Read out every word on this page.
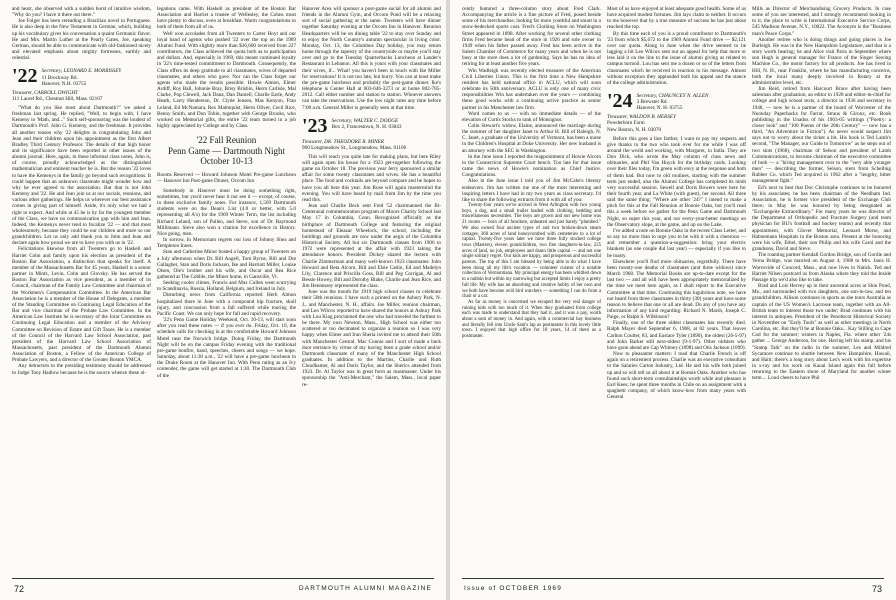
and heart, she observed with a sudden burst of intuitive wisdom, "Why do you? I have it there out there."

Joe Folger has been rereading a Brazilian novel in Portuguese. He is also deep in the New Testament in German, which, building up his vocabulary gives his conversation a quaint Germanic flavor. He and Mrs. Martin Luther at the Pearly Gates, Joe, speaking German, should be able to communicate with old-fashioned nicety and elevated emphasis about mighty fortresses, earthly and celestial.

'22 Secretary, LEONARD E. MORRISSEY
11 Brockway Rd.
Hanover, N.H. 03755
Treasurer, CARROLL DWIGHT
111 Laurel Rd., Chestnut Hill, Mass. 02167

"What do you like most about Dartmouth?" we asked a freshman last spring. He replied, "Well, to begin with, I have Kemeny to 'Math, and..." Such self-sponsoring was the loudest of Dartmouth's Prof. John G. Kemeny, and the freshman. It provides all another reason why '22 delights in congratulating John and Jean and their children upon his appointment as the first Albert Bradley Third Century Professor. The details of that high honor and its significance have been reported in other issues of the alumni journal. Here, again, in these informal class notes, John is, of course, proudly acknowledged as the distinguished mathematician and eminent teacher he is. But the reason '22 loves to have the Kemenys in the family go beyond such recognitions. It could happen that an unknown classmate might wonder how and why he ever agreed to the association. But that is not John Kemeny and '22. He and Jean join us at our socials, reunions, and various other gatherings. He helps us wherever our best assistance comes in giving part of himself. Aside, it's only what we had a right to expect. And while at 45 he is by far the youngest member of the Class, we have no communication gap with him and Jean. Indeed, the Kemenys never tend to focalize '22 — and that most wholesomely, because they could be our children and more so our grandchildren. Let us only add thank you to John and Jean and declare again how proud we are to have you with us in '22.

Felicitations likewise from all Twenters go to Haskell and Harriet Cohn and family upon his election as president of the Boston Bar Association, a distinction that speaks for itself. A member of the Massachusetts Bar for 45 years, Haskell is a senior partner in Mintz, Levin, Cohn and Glovsky. He has served the Boston Bar Association as vice president, as a member of its Council, chairman of the Family Law Committee and chairman of the Workmen's Compensation Committee. In the American Bar Association he is a member of the House of Delegates, a member of the Standing Committee on Continuing Legal Education of the Bar and vice chairman of the Probate Law Committee. In the American Law Institute he is secretary of the Joint Committee on Continuing Legal Education and a member of the Advisory Committee on Revision of Estate and Gift Taxes. He is a member of the Council of the Harvard Law School Association, past president of the Harvard Law School Association of Massachusetts, past president of the Dartmouth Alumni Association of Boston, a Fellow of the American College of Probate Lawyers, and a director of the Greater Boston YMCA.

Any detractors to the presiding testimony should be addressed to Judge Tony Hadlow because he is the source whence these al-

legations came. With Haskell as president of the Boston Bar Association and Harriet a trustee of Wellesley, the Cohns must have plenty to discuss, even at breakfast. Warm congratulations to both of them from all of us.

Well won accolades from all Twenters to Carter Hoyt and our loyal band of agents who pushed '22 over the top on the 1969 Alumni Fund. With slightly more than $36,600 received from 227 contributors, the Class achieved the quota both as to participation and dollars. And, especially in 1969, this meant continued loyalty in '22's time-tested commitment to Dartmouth. Consequently, the Class offers its deep gratitude to all classmates, wives of departed classmates, and others who gave. Nor can the Class forget our agents who made the results possible: Howie Almon, Elmer Ardiff, Roy Ball, Johnnie Bray, Brisy Brisbin, Herm Carlisle, Mal Clarke, Pop Clewell, Jack Dana, Dan Daniell, Charlie Earle, Andy Heath, Larry Henderson, Dr. Clyde Jensen, Mas Kenyon, Fran Leland, Ed McNamara, Rex Malmquist, Herm Oliver, Cecil Rice, Benny Smith, and Don Tobin, together with George Brooks, who worked on Memorial gifts, the entire '22 team turned in a job highly appreciated by College and by Class.

'22 Fall Reunion
Penn Game — Dartmouth Night
October 10-13
Rooms Reserved — Howard Johnson Motel Pre-game Luncheon — Hanover Inn Post-game Dinner, Occom Inn

Somebody in Hanover must be doing something right, sometimes, but you'd never hear it nor see it — except, of course, in these exclusive family notes. For instance, 1,569 Dartmouth students were on the Dean's List (4.0 or better, with 5.0 representing all A's) for the 1969 Winter Term, the list including Richard Leland, son of Pullen, and Steve, son of Dr. Raymond Millimann. Steve also won a citation for excellence in History. Nice going, men.

In sorrow, In Memoriam regrets our loss of Johnny Shea and Templeton Innes.

Stan and Catherine Minor hosted a happy group of Twenters on a July afternoon when Dr. Bill Angell, Tom Byrne, Bill and Dot Gallagher, Stan and Doris Jackson, Ike and Harriott Miller, Louise Olsen, Ole's brother and his wife, and Oscar and Bea Rice gathered at The Cobble, the Miner home, in Gansville, Vt.

Seeking cooler climes, Francis and Max Cullen went scurrying to Scandinavia, Russia, Holland, Belgium, and Ireland in July.

Disturbing news from California reported Herb Almon hospitalized there in June with a compound hip fracture, skull injury, and concussion from a fall suffered while touring the Pacific Coast. We can only hope for full and rapid recovery.

'22's Penn Game Holiday Weekend, Oct. 10-13, will start soon after you read these notes — if you ever do. Friday, Oct. 10, the schedule calls for checking in at the comfortable Howard Johnson Motel near the Norwich bridge. Doing Friday, the Dartmouth Night will be on the campus Friday evening with the traditional pre-game bonfire, band, speeches, cheers and songs — we hope. Saturday, about 11:30 a.m., '22 will have a pre-game luncheon in the Drake Room at the Hanover Inn. With Penn rating as an Ivy contender, the game will get started at 1:30. The Dartmouth Club of the

Hanover Area will sponsor a post-game social for all alumni and friends in the Alumni Gym, and Occom Pond will be a relaxing sort of social gathering at the same. Twenters will have dinner together Saturday evening at the Occom Inn in Hanover. Reunion Headquarters will be on dining table '22 to stay over Sunday and to enjoy the North Country's autumn spectacular in living color. Monday, Oct. 13, the Columbus Day holiday, you may return home through the tapestry of the countryside or maybe you'll stay over and go to the Tuesday Quarterbacks Luncheon at Lander's Restaurant in Lebanon. All this is yours with your classmates and their wives, if... What! you haven't been in touch with Ike Miller for reservations! It is not too late, but hurry. You can at least make the pre-game luncheon and probably the post-game dinner. Ike's telephone is Center Hall at 603-646-3273 or at home 802-785-2012. Call either number and station to station. Whoever answers can take the reservations. Use the low night rates any time before 7:00 a.m. General Miller is generally seen at that time.

'23 Secretary, WALTER C. DODGE
Box 2, Francestown, N. H. 03043
Treasurer, DR. THEODORE R. MINER
960 Longmeadow St., Longmeadow, Mass. 01106

This will reach you quite late for making plans, but here Riley will again open his house for a 1923 get-together following the game on October 18. The previous year Jerry sponsored a similar affair for some twenty classmates and wives. He has a beautiful place. The food and cocktails are beyond compare and he hopes to have you all here this year. Jim Rose will again mastermind the evening. You will have heard by mail from Jim by the time you read this.

Jean and Charlie Beck sent Fred '52 chairmanned the Bi-Centennial commemoration program of Moors Charity School last May 17 in Columbia, Conn. Recognized officially as the birthplace of Dartmouth College and featuring the original homestead of Eleazar Wheelock, the school, including the buildings and grounds are now under the aegis of the Columbia Historical Society. All but six Dartmouth classes from 1906 to 1972 were represented at the affair with 1923 taking the attendance honors. President Dickey shared the lectern with Charlie Zimmerman and many well-known 1923 classmates: John Howard and Beta Alcorn, Bill and Elsie Catlin, Ed and Madelyn Lily, Clarence and Priscilla Goss, Bill and Peg Corrigan, Al and Bessie Howey, Bill and Dorothy Blake, Charlie and Jean Rice, and Jim Hennessey represented the class.

June was the month for 1919 high school classes to celebrate their 50th reunions. I have such a printed on the Asbury Park, N. J., and Manchester, N. H., affairs. Joe Miller, reunion chairman, and Leo Wilcox reported to have shared the honors at Asbury Park with Lou King proclaimed the one who had traveled the farthest to be there. My own Newton, Mass., High School was either too scattered or too decimated to organize a reunion so I was very happy when Elmer and Iran Sheria invited me to attend their 50th with Manchester Central. Mac Connie and I sort of made a back door entrance by virtue of my having been a grade school and/or Dartmouth classmate of many of the Manchester High School graduates. In addition to the Martins, Charlie and Ruth Cloudhamer, Al and Doris Taylor, and the Sherics attended from 1923. Dr. Al Taylor was in great form as toastmaster. Under his sponsorship the "Anti-Merchant," the Salem, Mass., local paper re-

72	DARTMOUTH ALUMNI MAGAZINE

cently featured a three-column story about Fred Clark. Accompanying the article is a fine picture of Fred, posed beside some of his merchandise, looking far more youthful and smart in a snow-bedecked sports coat. Fred's Clothing Store on Washington Street appeared in 1898. After working for several other clothing firms Fred became head of the store in 1926 and sole owner in 1949 when his father passed away. Fred has been active in the Salem Chamber of Commerce for many years and when he is not busy at the store does a lot of gardening. Says he has no idea of retiring for at least another five years.

Win Wadleigh was recently elected treasurer of the American Civil Liberties Union. This is the first time a New Hampshire resident has held national office in ACLU, which will soon celebrate its 50th anniversary. ACLU is only one of many civic responsibilities Win has undertaken over the years — combining these good works with a continuing active practice as senior partner in his Manchester law firm.

Word comes to us — with no immediate details — of the elevation of Curtis Stocks to rank of Monsignor.

Colin Stewart's widow, Elaine, announced the marriage during the summer of her daughter Janet to Arthur H. Bill of Raleigh, N. C. Janet, a graduate of the University of Vermont, has been a nurse in the Children's Hospital at Duke University. Her new husband is an attorney with the SEC in Washington.

In the June issue I reported the reappointment of Howie Alcorn to the Connecticut Supreme Court bench. Too late for that issue came the news of Howie's nomination as Chief Justice. Congratulations.

Also in the June issue I told you of Jim McCabe's literary endeavors. Jim has written me one of the most interesting and inspiring letters I have had in my two years as class secretary. I'd like to share the following extracts from it with all of you:

Twenty-four years we've arrived in West Arlington with two young boys, a dog, and a small trailer loaded with clothing, bedding and miscellaneous necessities. The boys are grown and our new home was 21 rooms — born of all furniture, unheated and just barely "plumbed." We also owned four ancient types of and two broken-down steam cottages, 360 acres of land honeycombed with cemeteries to a lot of capital. Twenty-five years later we have three fully stocked college rows (Masters), eleven grandchildren, two fine daughters-in-law, 225 acres of land, no job, employees and damn little capital — and not one single solitary regret. Our kids are happy, and prosperous and successful parents. The top of this I am blessed by being able to do what I have been doing all my life's vocation — volunteer curator of a notable collection of Vermontiana. My principal energy has been whittled down to a nubbin but within my narrowing but accepted limits I enjoy a pretty full life. My wife has an absorbing and creative hobby of her own and we both have become avid bird watchers — something I can do from a chair or a car.

As far as money is concerned we escaped the very real danger of ruining kids with too much of it. When they graduated from college each was made to understand that they had it, and it was a pay, worth about a sum of money in. And again, with a commercial bay business and literally fell into Uncle Sam's lap as postmaster in this lovely little town. I enjoyed that high office for 18 years, 14 of them as a postmaster.

Most of us have enjoyed at least adequate good health. Some of us have acquired modest fortunes. Jim lays claim to neither. It occurs to me however that by a true measure of success he has just about reached the top.

By this time each of you is a proud contributor to Dartmouth's '23 from which $5,672 to the 1969 Alumni Fund drive — $2,121 over our quota. Along in June when the drive seemed to be lagging a bit Leo Wilcox sent out an appeal for help that more or less laid it on the line to the issue of alumni giving as related to campus turmoil. Lou has sent me a dozen or so of the letters from classmates which he received in reaction to his message. Almost without exception they applauded both his appeal and the stance of the college administration.

'24 Secretary, CHAUNCEY N. ALLEN
3 Brewster Rd.
Hanover, N. H. 03755
Treasurer, WALDON B. HERSEY
Powderhorn Farm
New Boston, N. H. 03070

Before this goes a line farther, I want to pay my respects and give thanks to the two who took over for me while I was off around the world and working, with Margaret, in India. They are Don Dick, who wrote the May column of class news and obituaries, and Phil Van Huyck for the birthday cards. Looking over their files today, I'm green with envy at the response and both of them had. But now to old routines, starting with the summer term just ended, also the Alumni College has completed its ninth very successful session. Sewell and Doris Bowers were here for their fourth year, and La White (with guest), her second. All three said the same thing: "Where are other '24?" I intend to make a pitch for this at the Fall Reunion at Bonnie Oaks, but you'll read this a week before we gather for the Penn Game and Dartmouth Night, so super this year, and our every-year-better meetings on the Observatory slope, at the game, and up on the Lake.

I've added a note on Bonnie Oaks in the recent Class Letter, and so say no more than to urge you to be with it with a cheeroon — and remember a question-a-suggestion: bring your electric blankets (as one couple did last year) — especially if you like to be toasty.

Elsewhere you'll find more obituaries, regretfully. There have been twenty-one deaths of classmates (and three widows) since March 1968. The Memorial Books are up-to-date except for the last two — and all will have been appropriately memorialized by the time we meet here again, as I shall report to the Executive Committee at that time. Continuing this lugubrious note, we have not heard from three classmates in thirty (30) years and have some reason to believe that one or all are dead. Do any of you have any information of any kind regarding: Richard N. Marsh, Joseph C. Paige, or Ralph S. Wilkinson?

Finally, one of the three oldest classmates has recently died. Ralph Mayer died September 6, 1968, at 82 years. That leaves Carlton Coulter, 83, and Eustace Tyler (1890), the oldest (26-5-97) and John Barker still next-oldest (9-1-97). Other oldsters who have gone ahead are Cap Whitney (1898) and Otis Jackson (1899).

Now to pleasanter matters: I read that Charlie French is off again on a retirement process. Charlie was an executive consultant to the Salaries Carton Industry, Ltd. He and his wife both joined up and so will tell us all about it at Bonnie Oaks. Another who has found such short-term consultantships worth while and pleasant is Earl Kees; he spent three months in Chile on an assignment with a spaghetti company, of which know-how from many years with General

Mills as Director of Merchandising Grocery Products. In case some of you are interested, and I strongly recommend looking in to it, the place to write is International Executive Service Corps, 545 Madison Avenue, N.Y., 10022. The Acronym is the "Business man's Peace Corps."

Another retiree who is doing things and going places is Joe Burleigh. He was in the New Hampshire Legislature, and that is a story worth hearing; he and Alice visit Paris in September where son Hugh is general manager for France of the Singer Sewing Machine Co., the motor factory for all products. Joe has lived in Hill, N. H., near Franklin, where he has manufacturing concerns, both the local many deeply involved in Rotary at the administrative level, etc.

Jim Reid, retired from Harcourt Brace after having been salesman after graduation, an editor in 1928 and editor-in-chief for college and high school texts, a director in 1936 and secretary in 1948, — now he is a partner of the board of Worcester of the Noonday Paperbacks for Farrar, Straus & Giroux, etc. Book publishing in the Unadus of his 1963-65 writings ("Poetry: a closer look" and "100 Poems of the 20th Century" — now has a third, "An Adventure in Fiction"). As never would suspect Jim says not to worry about the ticket a bit. His book is Ted Lamb's second, "The Manager, our Guide to Tomorrow" as he steps out of two slots (1968), chairman of Selson and president of Lamb Communications, to become chairman of the executive committee of both — a "hiring management over to the "very able younger men" — describing the former, Selson, stem from Schelling Rubber Co. which Ted acquired in 1962 after a "lengthy, bitter management fight."

Ed's next to best that Doc Christophe continues to be honored by his associates; he has been chairman of the Needham Ind. Association, he is former vice president of the Exchange Club there; in May he was honored by being designated as "Exchangeite Extraordinary." For many years he was director of the Department of Orthopedic and Fracture Surgery (and team physician for BU's football and hockey teams) and recently that appointment, with Glover Memorial, Leonard Morse, and Habnemann Hospitals in the Boston area. Present at the honoring were his wife, Ethel, their son Philip and his wife Carol and the grandsons, David and Steve.

The roaming partner Kendall Gordon Bridge, son of Gordie and Verna Bridge, was married on August 4, 1968 to Mrs. Janis H. Worrovide of Concord, Mass., and now lives in Natick. Ted and Harriet Nilsen postcard us from Alaska where they told the Inside Passage trip we'd also like to take.

Brad and Lois Hervey up in their ancestral acres at Shin Pond, Me., and surrounded with two daughters, one son-in-law, and ten grandchildren. Allison continues in sports as she tours Australia as captain of the US Women's Lacrosse team, together with an All-British team to interest those two under; Brad continues with his interest in antiques. President of the Penobscot Historical Society in November on "Early Tools" as well as other meetings in North Carolina, etc. But they'll be at Bonnie Oaks... Kay Stilling in Cape Cod for the summer; winters in Naples, Fla. where other '24s gather ... George Anderson, for one. Having left his stamp, and his "Stamp Talk" on the radio in the summer, Les and Mildred Sycamore continue to shuttle between New Hampshire, Hawaii, and Haiti; there's a long story about Les's work with his expertise in x-ray and his work on Kauai Island again this fall before returning to the Eastern shore of Maryland for another winter term.... Loud cheers to have Phil

Issue of OCTOBER 1969	73
